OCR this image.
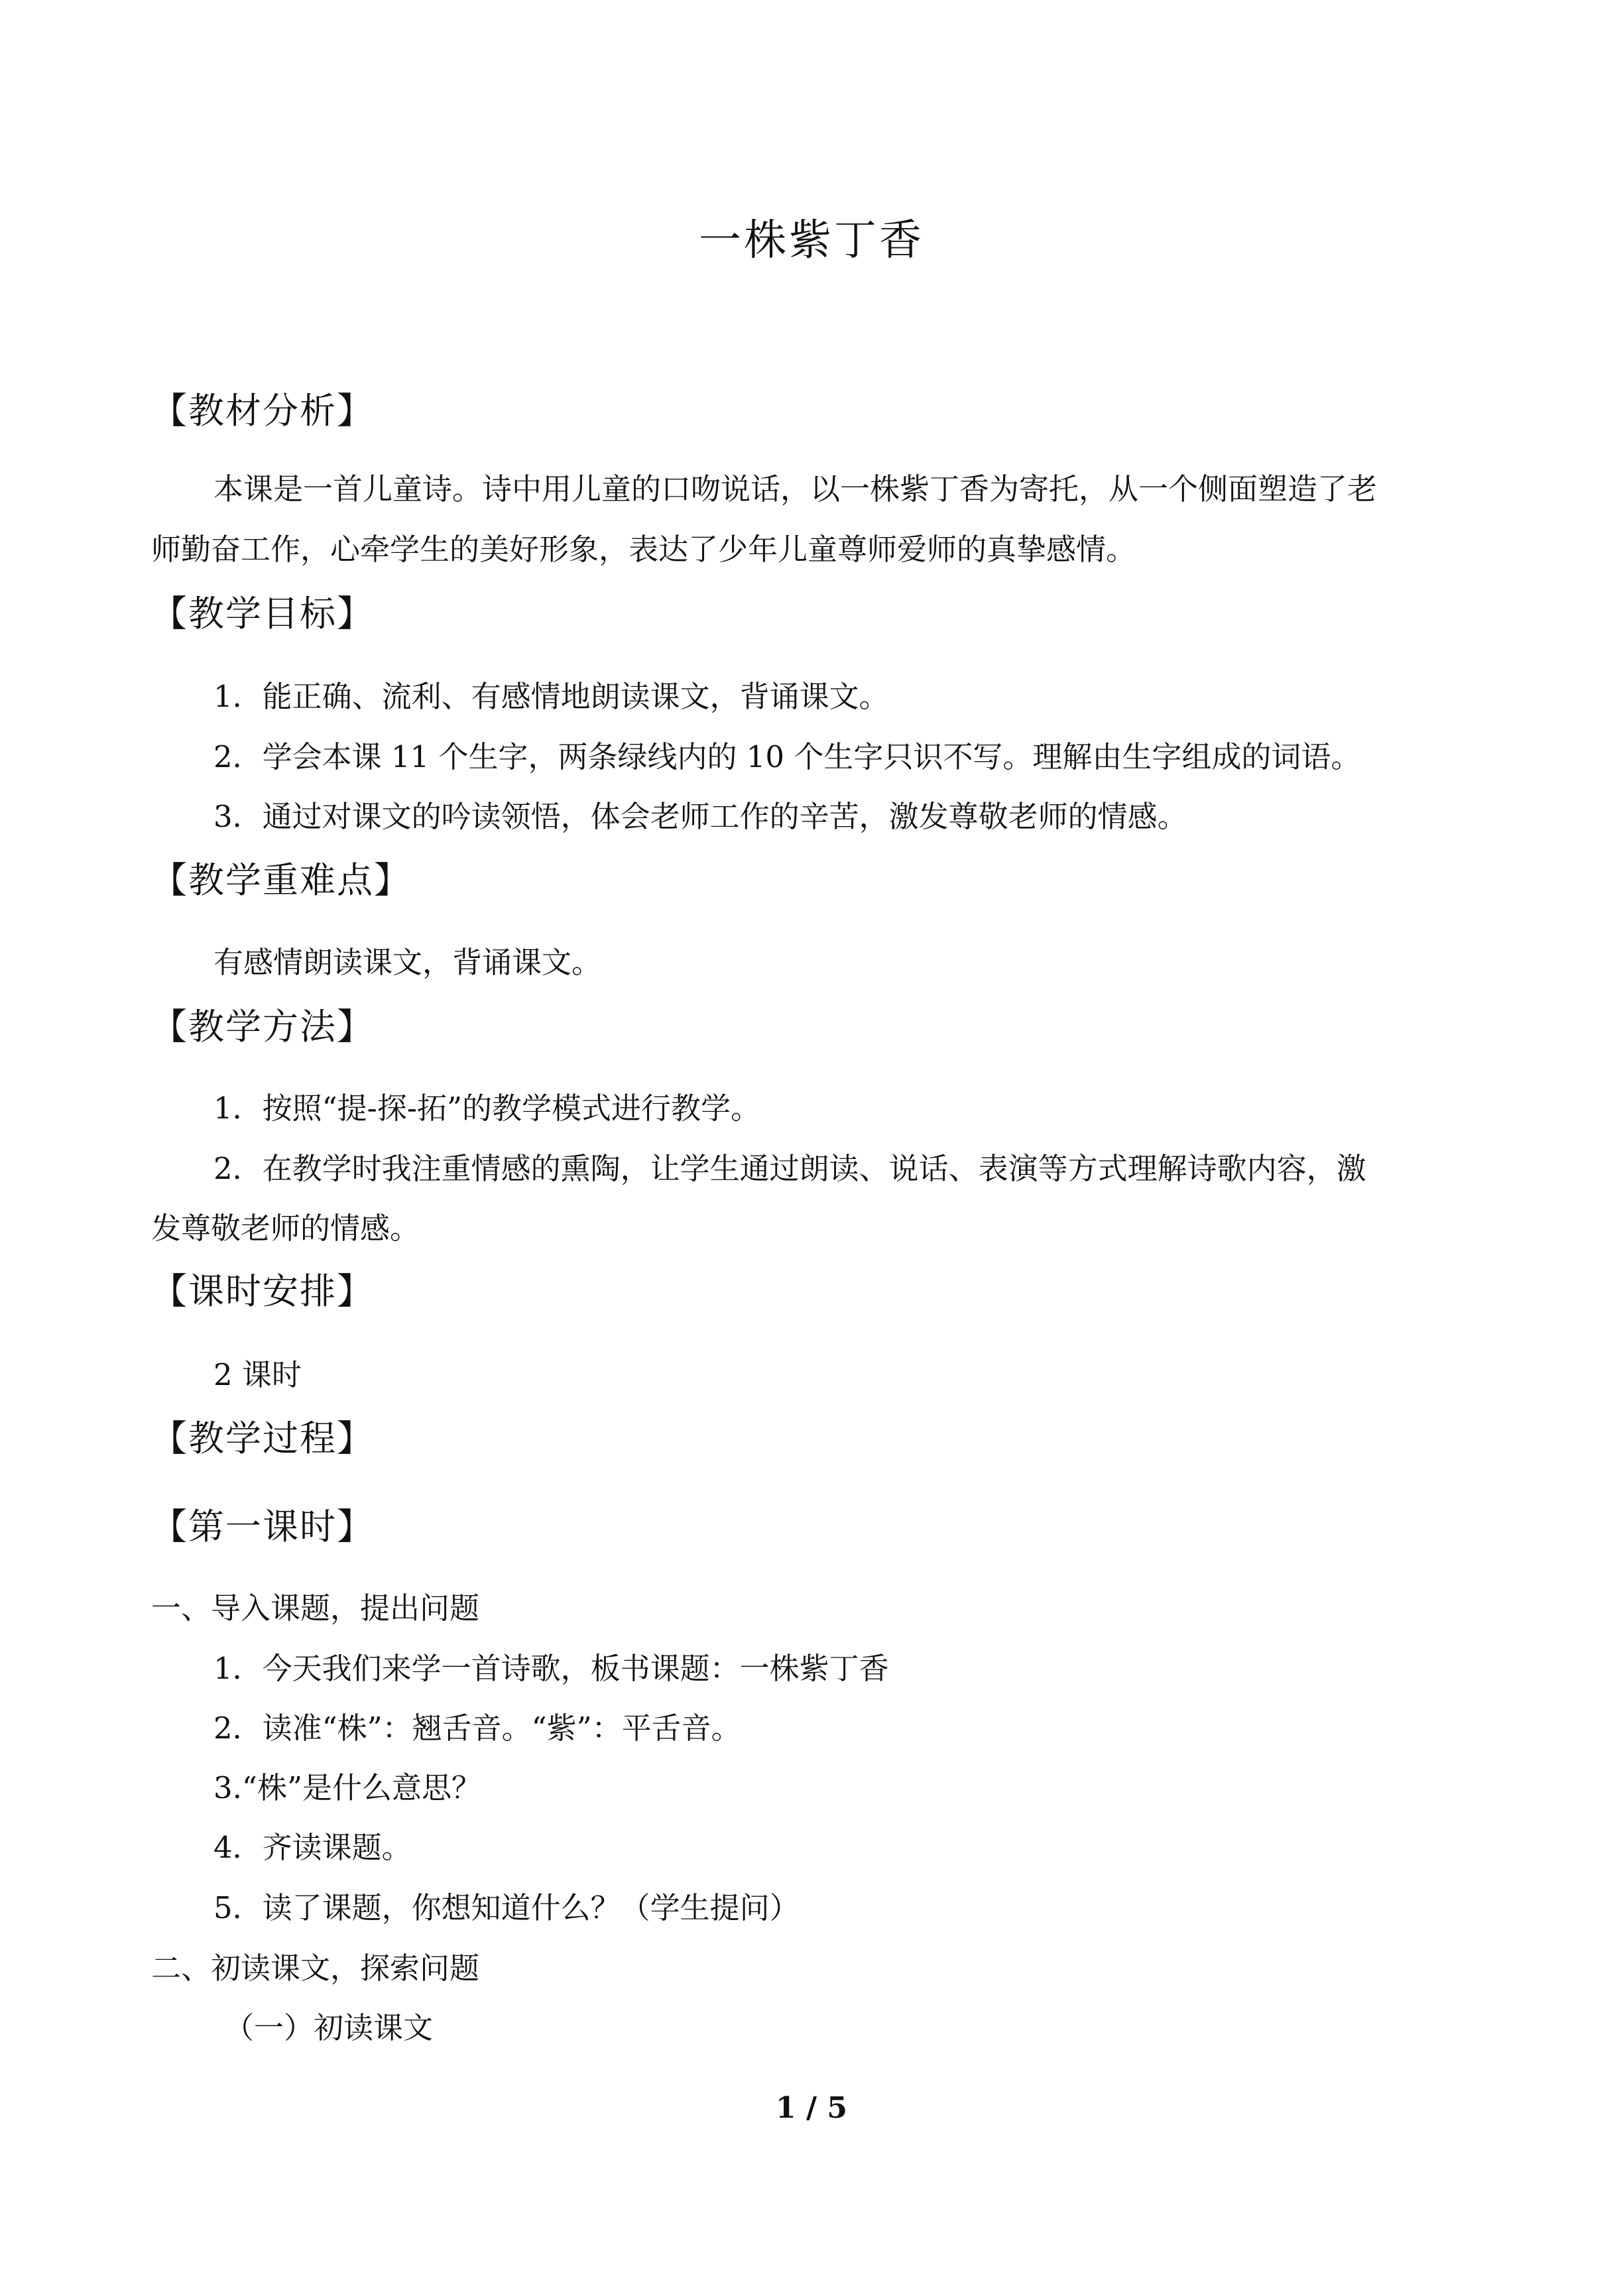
一株紫丁香
【教材分析】
本课是一首儿童诗。诗中用儿童的口吻说话，以一株紫丁香为寄托，从一个侧面塑造了老
师勤奋工作，心牵学生的美好形象，表达了少年儿童尊师爱师的真挚感情。
【教学目标】
1．能正确、流利、有感情地朗读课文，背诵课文。
2．学会本课 11 个生字，两条绿线内的 10 个生字只识不写。理解由生字组成的词语。
3．通过对课文的吟读领悟，体会老师工作的辛苦，激发尊敬老师的情感。
【教学重难点】
有感情朗读课文，背诵课文。
【教学方法】
1．按照“提-探-拓”的教学模式进行教学。
2．在教学时我注重情感的熏陶，让学生通过朗读、说话、表演等方式理解诗歌内容，激
发尊敬老师的情感。
【课时安排】
2 课时
【教学过程】
【第一课时】
一、导入课题，提出问题
1．今天我们来学一首诗歌，板书课题：一株紫丁香
2．读准“株”：翘舌音。“紫”：平舌音。
3.“株”是什么意思？
4．齐读课题。
5．读了课题，你想知道什么？（学生提问）
二、初读课文，探索问题
（一）初读课文
1 / 5
